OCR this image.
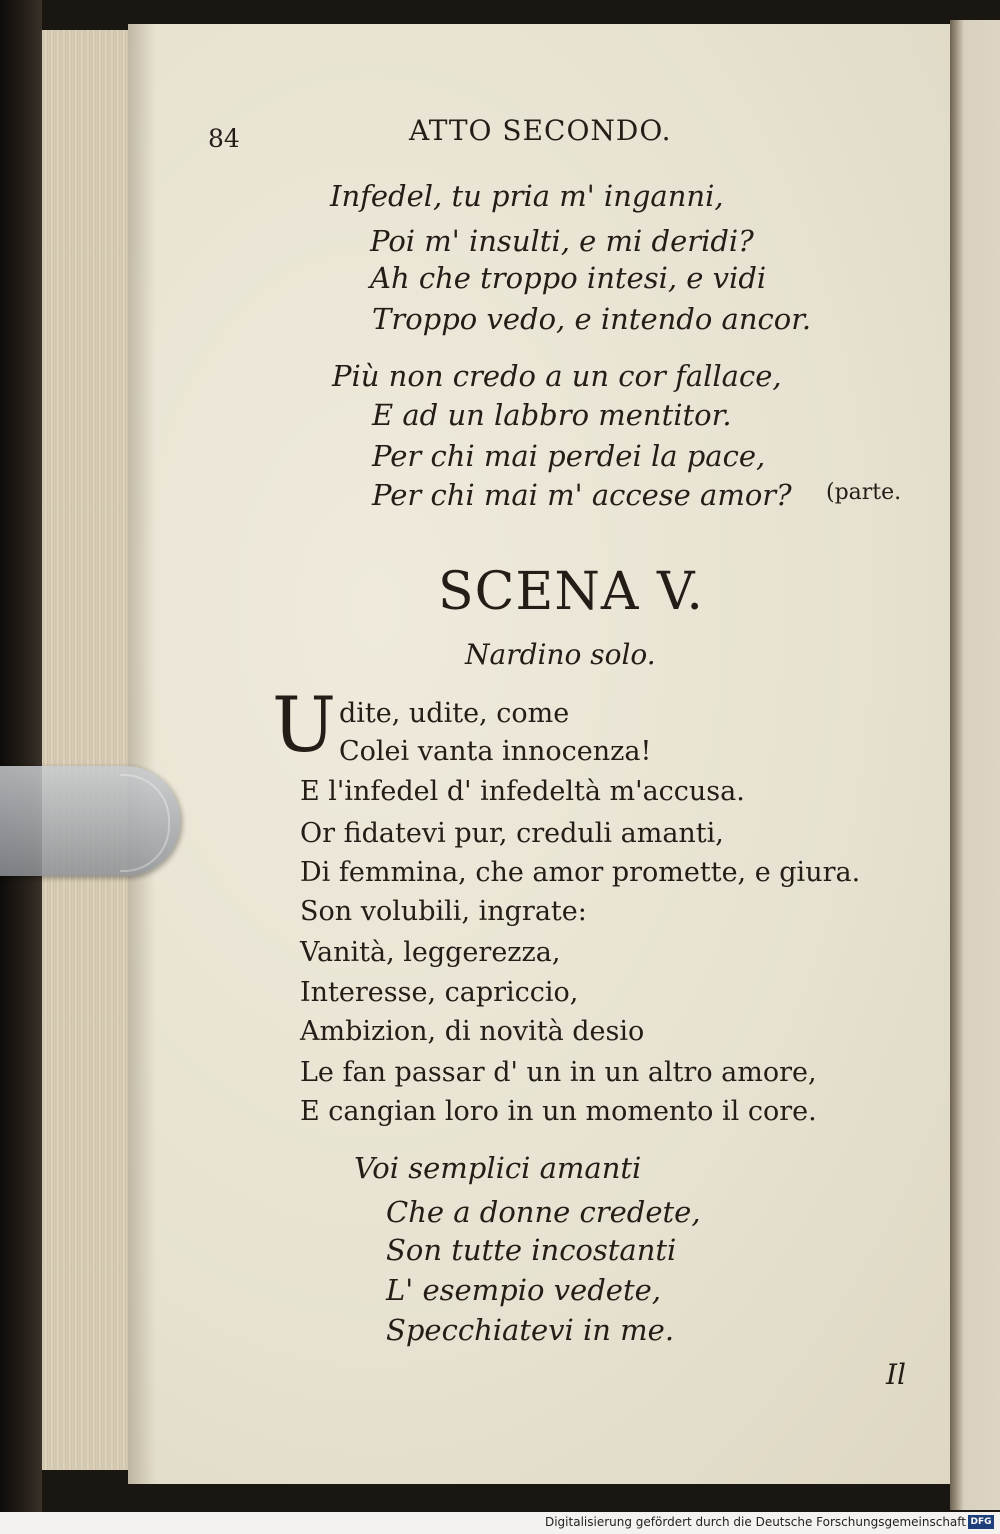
84	ATTO SECONDO.
Infedel, tu pria m' inganni,
Poi m' insulti, e mi deridi?
Ah che troppo intesi, e vidi
Troppo vedo, e intendo ancor.
Più non credo a un cor fallace,
E ad un labbro mentitor.
Per chi mai perdei la pace,
Per chi mai m' accese amor? (parte.
SCENA V.
Nardino solo.
U dite, udite, come
Colei vanta innocenza!
E l'infedel d' infedeltà m'accusa.
Or fidatevi pur, creduli amanti,
Di femmina, che amor promette, e giura.
Son volubili, ingrate:
Vanità, leggerezza,
Interesse, capriccio,
Ambizion, di novità desio
Le fan passar d' un in un altro amore,
E cangian loro in un momento il core.
Voi semplici amanti
Che a donne credete,
Son tutte incostanti
L' esempio vedete,
Specchiatevi in me.
Il
Digitalisierung gefördert durch die Deutsche Forschungsgemeinschaft DFG
